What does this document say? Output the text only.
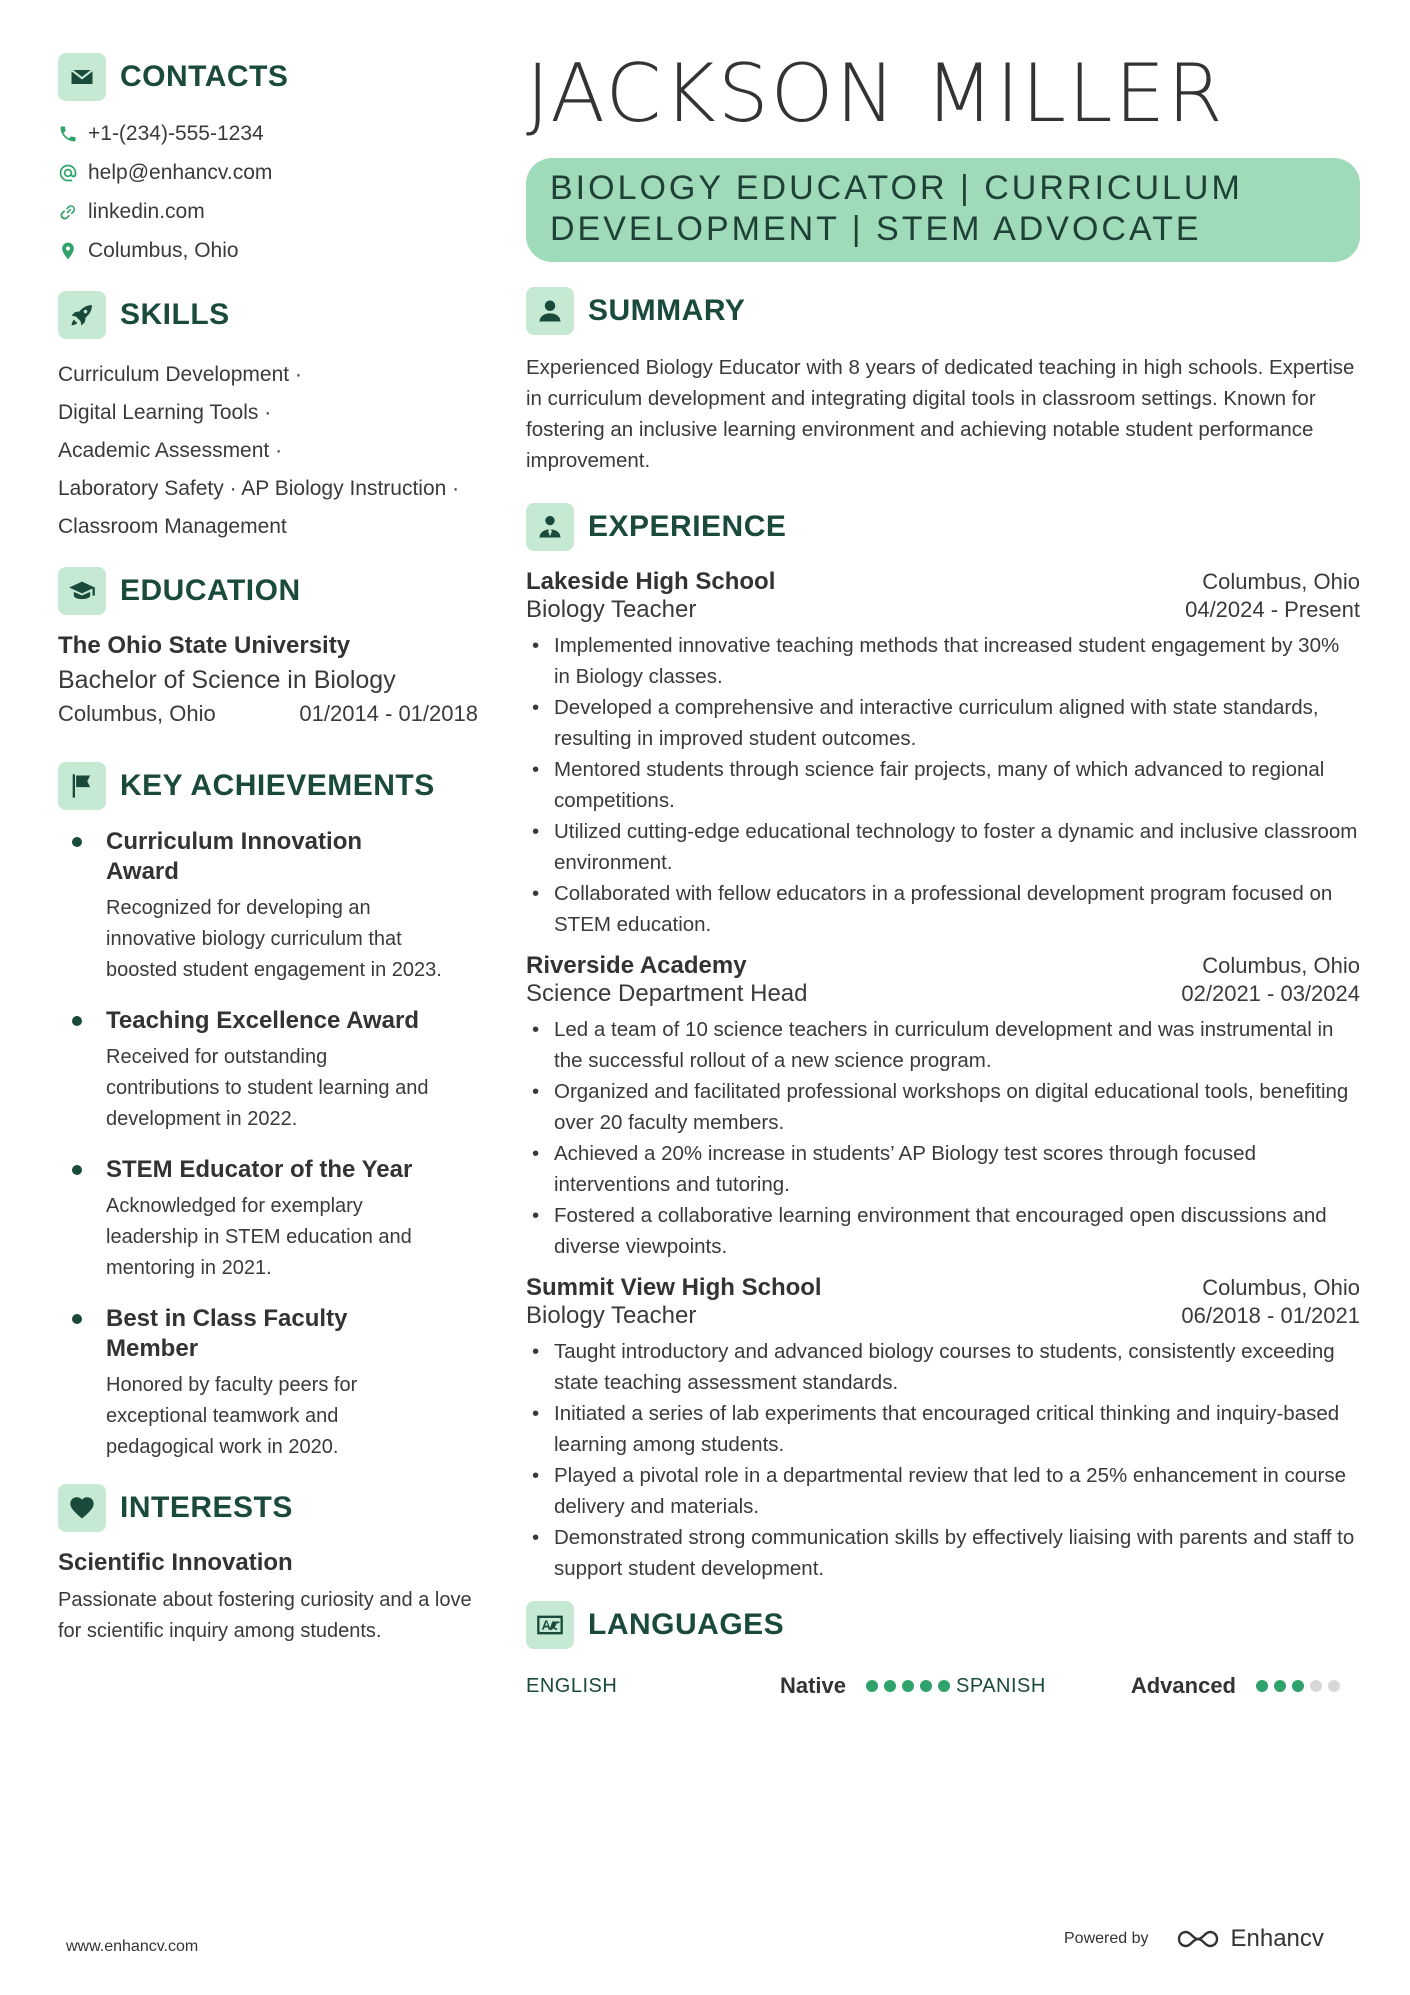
CONTACTS
+1-(234)-555-1234
help@enhancv.com
linkedin.com
Columbus, Ohio
SKILLS
Curriculum Development ·
Digital Learning Tools ·
Academic Assessment ·
Laboratory Safety · AP Biology Instruction ·
Classroom Management
EDUCATION
The Ohio State University
Bachelor of Science in Biology
Columbus, Ohio	01/2014 - 01/2018
KEY ACHIEVEMENTS
Curriculum Innovation Award
Recognized for developing an innovative biology curriculum that boosted student engagement in 2023.
Teaching Excellence Award
Received for outstanding contributions to student learning and development in 2022.
STEM Educator of the Year
Acknowledged for exemplary leadership in STEM education and mentoring in 2021.
Best in Class Faculty Member
Honored by faculty peers for exceptional teamwork and pedagogical work in 2020.
INTERESTS
Scientific Innovation
Passionate about fostering curiosity and a love for scientific inquiry among students.
JACKSON MILLER
BIOLOGY EDUCATOR | CURRICULUM DEVELOPMENT | STEM ADVOCATE
SUMMARY
Experienced Biology Educator with 8 years of dedicated teaching in high schools. Expertise in curriculum development and integrating digital tools in classroom settings. Known for fostering an inclusive learning environment and achieving notable student performance improvement.
EXPERIENCE
Lakeside High School	Columbus, Ohio
Biology Teacher	04/2024 - Present
• Implemented innovative teaching methods that increased student engagement by 30% in Biology classes.
• Developed a comprehensive and interactive curriculum aligned with state standards, resulting in improved student outcomes.
• Mentored students through science fair projects, many of which advanced to regional competitions.
• Utilized cutting-edge educational technology to foster a dynamic and inclusive classroom environment.
• Collaborated with fellow educators in a professional development program focused on STEM education.
Riverside Academy	Columbus, Ohio
Science Department Head	02/2021 - 03/2024
• Led a team of 10 science teachers in curriculum development and was instrumental in the successful rollout of a new science program.
• Organized and facilitated professional workshops on digital educational tools, benefiting over 20 faculty members.
• Achieved a 20% increase in students’ AP Biology test scores through focused interventions and tutoring.
• Fostered a collaborative learning environment that encouraged open discussions and diverse viewpoints.
Summit View High School	Columbus, Ohio
Biology Teacher	06/2018 - 01/2021
• Taught introductory and advanced biology courses to students, consistently exceeding state teaching assessment standards.
• Initiated a series of lab experiments that encouraged critical thinking and inquiry-based learning among students.
• Played a pivotal role in a departmental review that led to a 25% enhancement in course delivery and materials.
• Demonstrated strong communication skills by effectively liaising with parents and staff to support student development.
LANGUAGES
ENGLISH	Native	SPANISH	Advanced
www.enhancv.com	Powered by	Enhancv
